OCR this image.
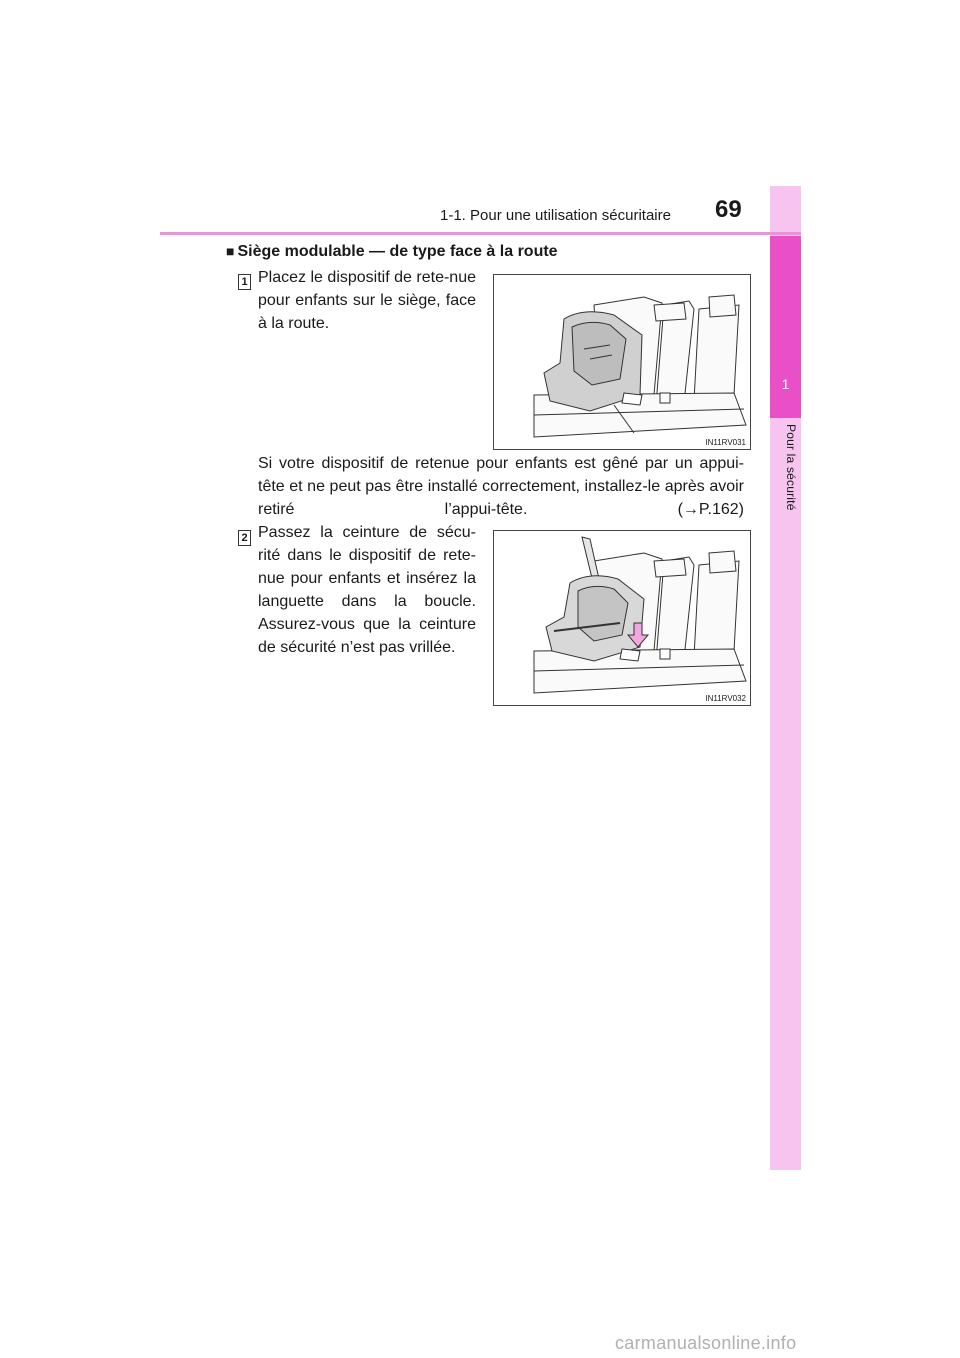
1
Pour la sécurité
1-1. Pour une utilisation sécuritaire 69
■ Siège modulable — de type face à la route
1 Placez le dispositif de rete-nue pour enfants sur le siège, face à la route.
IN11RV031
Si votre dispositif de retenue pour enfants est gêné par un appui-tête et ne peut pas être installé correctement, installez-le après avoir retiré l’appui-tête. (→P.162)
2 Passez la ceinture de sécu-rité dans le dispositif de rete-nue pour enfants et insérez la languette dans la boucle. Assurez-vous que la ceinture de sécurité n’est pas vrillée.
IN11RV032
carmanualsonline.info
